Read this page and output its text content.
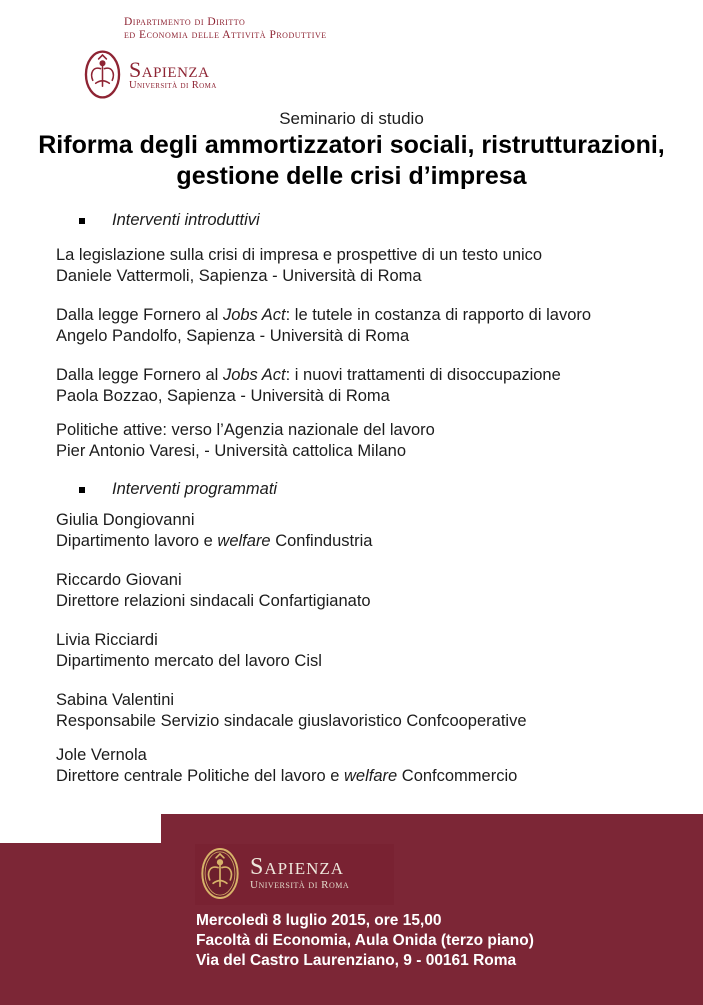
Dipartimento di Diritto
ed Economia delle Attività Produttive
Sapienza
Università di Roma
Seminario di studio
Riforma degli ammortizzatori sociali, ristrutturazioni,
gestione delle crisi d’impresa
Interventi introduttivi
La legislazione sulla crisi di impresa e prospettive di un testo unico
Daniele Vattermoli, Sapienza - Università di Roma
Dalla legge Fornero al Jobs Act: le tutele in costanza di rapporto di lavoro
Angelo Pandolfo, Sapienza - Università di Roma
Dalla legge Fornero al Jobs Act: i nuovi trattamenti di disoccupazione
Paola Bozzao, Sapienza - Università di Roma
Politiche attive: verso l’Agenzia nazionale del lavoro
Pier Antonio Varesi, - Università cattolica Milano
Interventi programmati
Giulia Dongiovanni
Dipartimento lavoro e welfare Confindustria
Riccardo Giovani
Direttore relazioni sindacali Confartigianato
Livia Ricciardi
Dipartimento mercato del lavoro Cisl
Sabina Valentini
Responsabile Servizio sindacale giuslavoristico Confcooperative
Jole Vernola
Direttore centrale Politiche del lavoro e welfare Confcommercio
Sapienza
Università di Roma
Mercoledì 8 luglio 2015, ore 15,00
Facoltà di Economia, Aula Onida (terzo piano)
Via del Castro Laurenziano, 9 - 00161 Roma
